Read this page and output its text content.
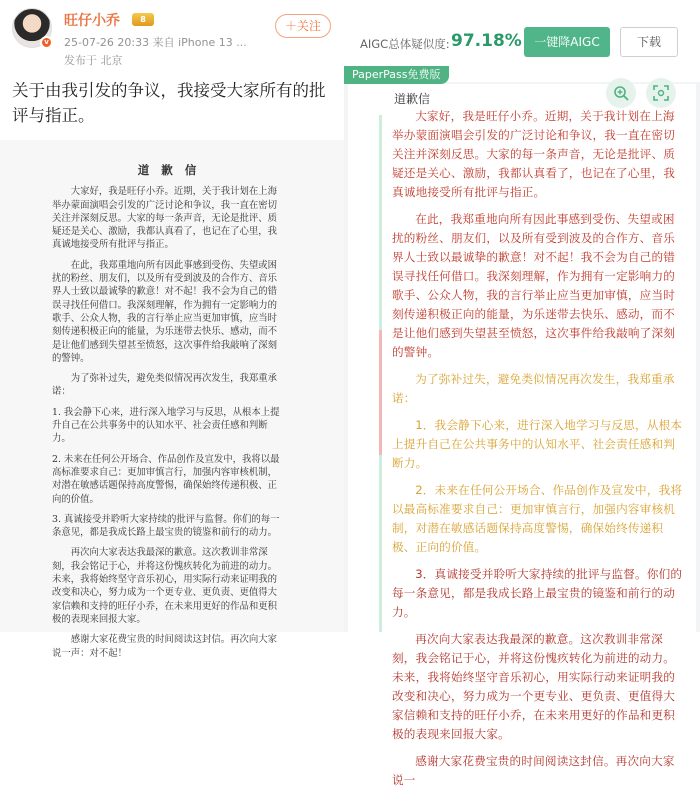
v
旺仔小乔	8
25-07-26 20:33 来自 iPhone 13 ...
发布于 北京
＋关注
关于由我引发的争议，我接受大家所有的批评与指正。
道 歉 信
大家好，我是旺仔小乔。近期，关于我计划在上海举办蒙面演唱会引发的广泛讨论和争议，我一直在密切关注并深刻反思。大家的每一条声音，无论是批评、质疑还是关心、激励，我都认真看了，也记在了心里，我真诚地接受所有批评与指正。
在此，我郑重地向所有因此事感到受伤、失望或困扰的粉丝、朋友们，以及所有受到波及的合作方、音乐界人士致以最诚挚的歉意！对不起！我不会为自己的错误寻找任何借口。我深刻理解，作为拥有一定影响力的歌手、公众人物，我的言行举止应当更加审慎，应当时刻传递积极正向的能量，为乐迷带去快乐、感动，而不是让他们感到失望甚至愤怒，这次事件给我敲响了深刻的警钟。
为了弥补过失，避免类似情况再次发生，我郑重承诺：
1. 我会静下心来，进行深入地学习与反思，从根本上提升自己在公共事务中的认知水平、社会责任感和判断力。
2. 未来在任何公开场合、作品创作及宣发中，我将以最高标准要求自己：更加审慎言行，加强内容审核机制，对潜在敏感话题保持高度警惕，确保始终传递积极、正向的价值。
3. 真诚接受并聆听大家持续的批评与监督。你们的每一条意见，都是我成长路上最宝贵的镜鉴和前行的动力。
再次向大家表达我最深的歉意。这次教训非常深刻，我会铭记于心，并将这份愧疚转化为前进的动力。未来，我将始终坚守音乐初心，用实际行动来证明我的改变和决心，努力成为一个更专业、更负责、更值得大家信赖和支持的旺仔小乔，在未来用更好的作品和更积极的表现来回报大家。
感谢大家花费宝贵的时间阅读这封信。再次向大家说一声：对不起！
AIGC总体疑似度: 97.18%	一键降AIGC	下载
PaperPass免费版
道歉信
大家好，我是旺仔小乔。近期，关于我计划在上海举办蒙面演唱会引发的广泛讨论和争议，我一直在密切关注并深刻反思。大家的每一条声音，无论是批评、质疑还是关心、激励，我都认真看了，也记在了心里，我真诚地接受所有批评与指正。
在此，我郑重地向所有因此事感到受伤、失望或困扰的粉丝、朋友们，以及所有受到波及的合作方、音乐界人士致以最诚挚的歉意！对不起！我不会为自己的错误寻找任何借口。我深刻理解，作为拥有一定影响力的歌手、公众人物，我的言行举止应当更加审慎，应当时刻传递积极正向的能量，为乐迷带去快乐、感动，而不是让他们感到失望甚至愤怒，这次事件给我敲响了深刻的警钟。
为了弥补过失，避免类似情况再次发生，我郑重承诺：
1．我会静下心来，进行深入地学习与反思，从根本上提升自己在公共事务中的认知水平、社会责任感和判断力。
2．未来在任何公开场合、作品创作及宣发中，我将以最高标准要求自己：更加审慎言行，加强内容审核机制，对潜在敏感话题保持高度警惕，确保始终传递积极、正向的价值。
3．真诚接受并聆听大家持续的批评与监督。你们的每一条意见，都是我成长路上最宝贵的镜鉴和前行的动力。
再次向大家表达我最深的歉意。这次教训非常深刻，我会铭记于心，并将这份愧疚转化为前进的动力。未来，我将始终坚守音乐初心，用实际行动来证明我的改变和决心，努力成为一个更专业、更负责、更值得大家信赖和支持的旺仔小乔，在未来用更好的作品和更积极的表现来回报大家。
感谢大家花费宝贵的时间阅读这封信。再次向大家说一
